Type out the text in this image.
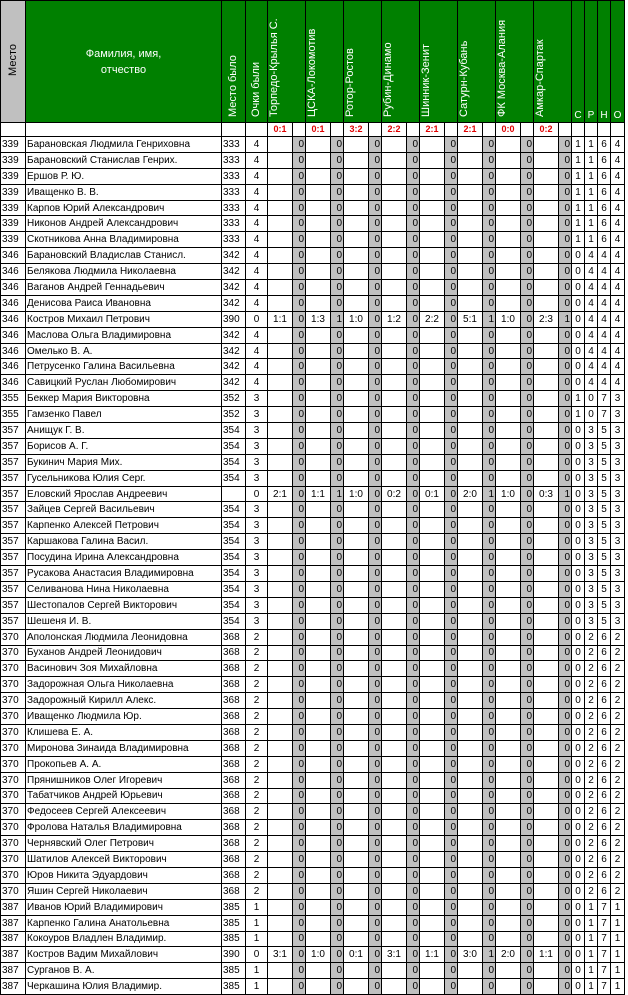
Место	Фамилия, имя, отчество	Место было	Очки были	Торпедо-Крылья С.		ЦСКА-Локомотив		Ротор-Ростов		Рубин-Динамо		Шинник-Зенит		Сатурн-Кубань		ФК Москва-Алания		Амкар-Спартак		С	Р	Н	О
				0:1		0:1		3:2		2:2		2:1		2:1		0:0		0:2					
339	Барановская Людмила Генриховна	333	4		0		0		0		0		0		0		0		0	1	1	6	4
339	Барановский Станислав Генрих.	333	4		0		0		0		0		0		0		0		0	1	1	6	4
339	Ершов Р. Ю.	333	4		0		0		0		0		0		0		0		0	1	1	6	4
339	Иващенко В. В.	333	4		0		0		0		0		0		0		0		0	1	1	6	4
339	Карпов Юрий Александрович	333	4		0		0		0		0		0		0		0		0	1	1	6	4
339	Никонов Андрей Александрович	333	4		0		0		0		0		0		0		0		0	1	1	6	4
339	Скотникова Анна Владимировна	333	4		0		0		0		0		0		0		0		0	1	1	6	4
346	Барановский Владислав Станисл.	342	4		0		0		0		0		0		0		0		0	0	4	4	4
346	Белякова Людмила Николаевна	342	4		0		0		0		0		0		0		0		0	0	4	4	4
346	Ваганов Андрей Геннадьевич	342	4		0		0		0		0		0		0		0		0	0	4	4	4
346	Денисова Раиса Ивановна	342	4		0		0		0		0		0		0		0		0	0	4	4	4
346	Костров Михаил Петрович	390	0	1:1	0	1:3	1	1:0	0	1:2	0	2:2	0	5:1	1	1:0	0	2:3	1	0	4	4	4
346	Маслова Ольга Владимировна	342	4		0		0		0		0		0		0		0		0	0	4	4	4
346	Омелько В. А.	342	4		0		0		0		0		0		0		0		0	0	4	4	4
346	Петрусенко Галина Васильевна	342	4		0		0		0		0		0		0		0		0	0	4	4	4
346	Савицкий Руслан Любомирович	342	4		0		0		0		0		0		0		0		0	0	4	4	4
355	Беккер Мария Викторовна	352	3		0		0		0		0		0		0		0		0	1	0	7	3
355	Гамзенко Павел	352	3		0		0		0		0		0		0		0		0	1	0	7	3
357	Анищук Г. В.	354	3		0		0		0		0		0		0		0		0	0	3	5	3
357	Борисов А. Г.	354	3		0		0		0		0		0		0		0		0	0	3	5	3
357	Букинич Мария Мих.	354	3		0		0		0		0		0		0		0		0	0	3	5	3
357	Гусельникова Юлия Серг.	354	3		0		0		0		0		0		0		0		0	0	3	5	3
357	Еловский Ярослав Андреевич		0	2:1	0	1:1	1	1:0	0	0:2	0	0:1	0	2:0	1	1:0	0	0:3	1	0	3	5	3
357	Зайцев Сергей Васильевич	354	3		0		0		0		0		0		0		0		0	0	3	5	3
357	Карпенко Алексей Петрович	354	3		0		0		0		0		0		0		0		0	0	3	5	3
357	Каршакова Галина Васил.	354	3		0		0		0		0		0		0		0		0	0	3	5	3
357	Посудина Ирина Александровна	354	3		0		0		0		0		0		0		0		0	0	3	5	3
357	Русакова Анастасия Владимировна	354	3		0		0		0		0		0		0		0		0	0	3	5	3
357	Селиванова Нина Николаевна	354	3		0		0		0		0		0		0		0		0	0	3	5	3
357	Шестопалов Сергей Викторович	354	3		0		0		0		0		0		0		0		0	0	3	5	3
357	Шешеня И. В.	354	3		0		0		0		0		0		0		0		0	0	3	5	3
370	Аполонская Людмила Леонидовна	368	2		0		0		0		0		0		0		0		0	0	2	6	2
370	Буханов Андрей Леонидович	368	2		0		0		0		0		0		0		0		0	0	2	6	2
370	Васинович Зоя Михайловна	368	2		0		0		0		0		0		0		0		0	0	2	6	2
370	Задорожная Ольга Николаевна	368	2		0		0		0		0		0		0		0		0	0	2	6	2
370	Задорожный Кирилл Алекс.	368	2		0		0		0		0		0		0		0		0	0	2	6	2
370	Иващенко Людмила Юр.	368	2		0		0		0		0		0		0		0		0	0	2	6	2
370	Клишева Е. А.	368	2		0		0		0		0		0		0		0		0	0	2	6	2
370	Миронова Зинаида Владимировна	368	2		0		0		0		0		0		0		0		0	0	2	6	2
370	Прокопьев А. А.	368	2		0		0		0		0		0		0		0		0	0	2	6	2
370	Прянишников Олег Игоревич	368	2		0		0		0		0		0		0		0		0	0	2	6	2
370	Табатчиков Андрей Юрьевич	368	2		0		0		0		0		0		0		0		0	0	2	6	2
370	Федосеев Сергей Алексеевич	368	2		0		0		0		0		0		0		0		0	0	2	6	2
370	Фролова Наталья Владимировна	368	2		0		0		0		0		0		0		0		0	0	2	6	2
370	Чернявский Олег Петрович	368	2		0		0		0		0		0		0		0		0	0	2	6	2
370	Шатилов Алексей Викторович	368	2		0		0		0		0		0		0		0		0	0	2	6	2
370	Юров Никита Эдуардович	368	2		0		0		0		0		0		0		0		0	0	2	6	2
370	Яшин Сергей Николаевич	368	2		0		0		0		0		0		0		0		0	0	2	6	2
387	Иванов Юрий Владимирович	385	1		0		0		0		0		0		0		0		0	0	1	7	1
387	Карпенко Галина Анатольевна	385	1		0		0		0		0		0		0		0		0	0	1	7	1
387	Кокоуров Владлен Владимир.	385	1		0		0		0		0		0		0		0		0	0	1	7	1
387	Костров Вадим Михайлович	390	0	3:1	0	1:0	0	0:1	0	3:1	0	1:1	0	3:0	1	2:0	0	1:1	0	0	1	7	1
387	Сурганов В. А.	385	1		0		0		0		0		0		0		0		0	0	1	7	1
387	Черкашина Юлия Владимир.	385	1		0		0		0		0		0		0		0		0	0	1	7	1
